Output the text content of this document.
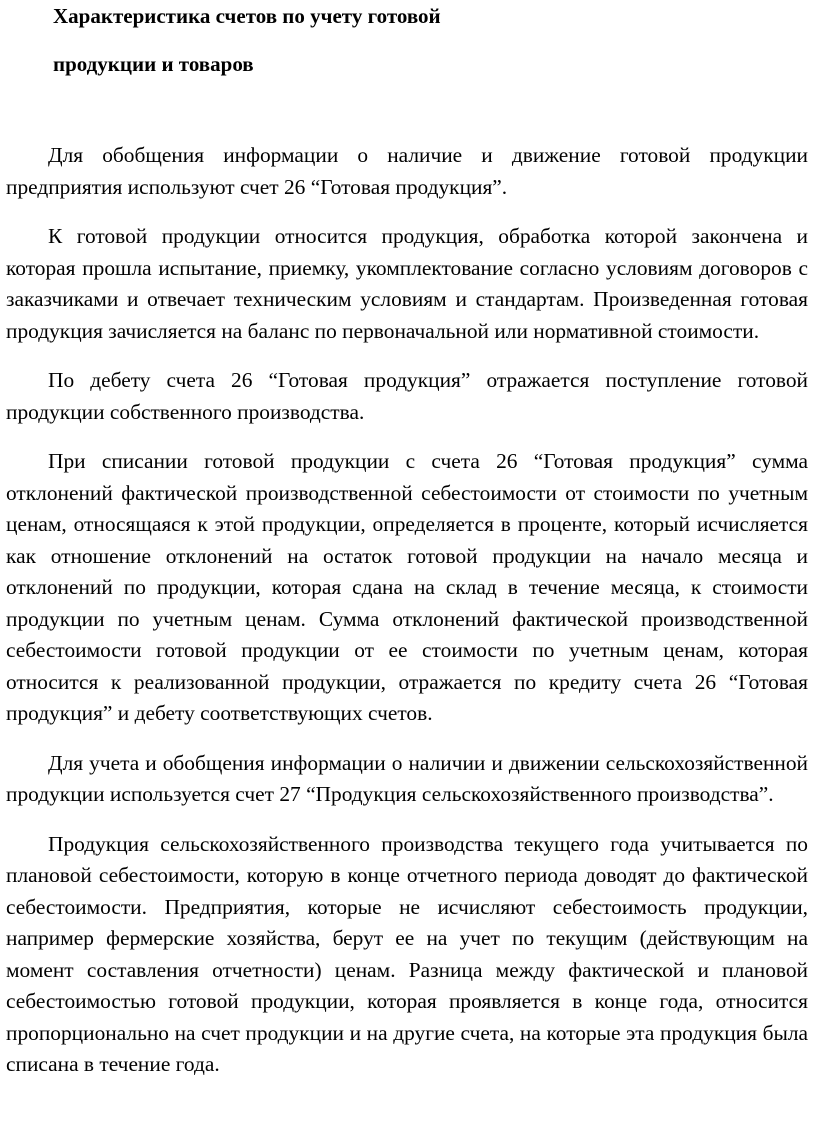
Характеристика счетов по учету готовой
продукции и товаров

Для обобщения информации о наличие и движение готовой продукции предприятия используют счет 26 “Готовая продукция”.

К готовой продукции относится продукция, обработка которой закончена и которая прошла испытание, приемку, укомплектование согласно условиям договоров с заказчиками и отвечает техническим условиям и стандартам. Произведенная готовая продукция зачисляется на баланс по первоначальной или нормативной стоимости.

По дебету счета 26 “Готовая продукция” отражается поступление готовой продукции собственного производства.

При списании готовой продукции с счета 26 “Готовая продукция” сумма отклонений фактической производственной себестоимости от стоимости по учетным ценам, относящаяся к этой продукции, определяется в проценте, который исчисляется как отношение отклонений на остаток готовой продукции на начало месяца и отклонений по продукции, которая сдана на склад в течение месяца, к стоимости продукции по учетным ценам. Сумма отклонений фактической производственной себестоимости готовой продукции от ее стоимости по учетным ценам, которая относится к реализованной продукции, отражается по кредиту счета 26 “Готовая продукция” и дебету соответствующих счетов.

Для учета и обобщения информации о наличии и движении сельскохозяйственной продукции используется счет 27 “Продукция сельскохозяйственного производства”.

Продукция сельскохозяйственного производства текущего года учитывается по плановой себестоимости, которую в конце отчетного периода доводят до фактической себестоимости. Предприятия, которые не исчисляют себестоимость продукции, например фермерские хозяйства, берут ее на учет по текущим (действующим на момент составления отчетности) ценам. Разница между фактической и плановой себестоимостью готовой продукции, которая проявляется в конце года, относится пропорционально на счет продукции и на другие счета, на которые эта продукция была списана в течение года.
